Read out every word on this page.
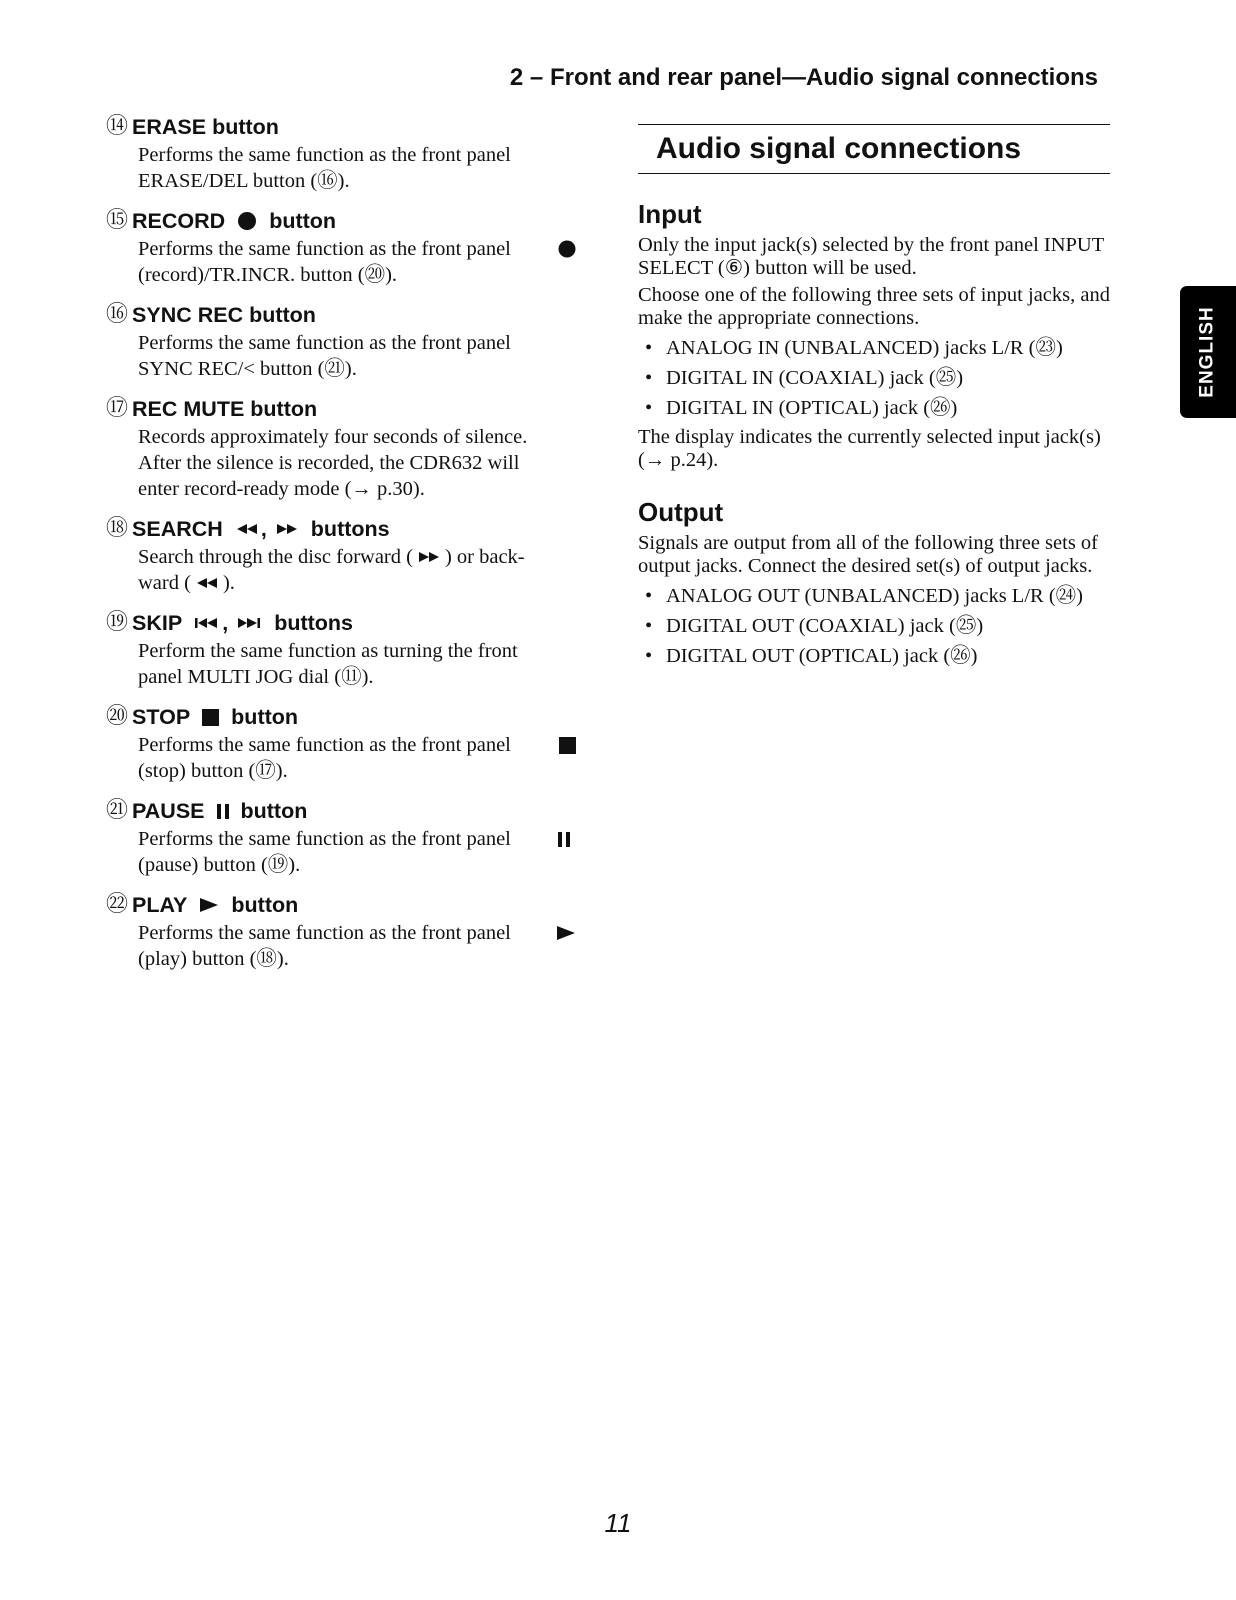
2 – Front and rear panel—Audio signal connections
⑭ ERASE button
Performs the same function as the front panel
ERASE/DEL button (⑯).
⑮ RECORD button
Performs the same function as the front panel
(record)/TR.INCR. button (⑳).
⑯ SYNC REC button
Performs the same function as the front panel
SYNC REC/< button (㉑).
⑰ REC MUTE button
Records approximately four seconds of silence.
After the silence is recorded, the CDR632 will
enter record-ready mode (→ p.30).
⑱ SEARCH , buttons
Search through the disc forward ( ) or back-
ward ( ).
⑲ SKIP , buttons
Perform the same function as turning the front
panel MULTI JOG dial (⑪).
⑳ STOP button
Performs the same function as the front panel
(stop) button (⑰).
㉑ PAUSE button
Performs the same function as the front panel
(pause) button (⑲).
㉒ PLAY button
Performs the same function as the front panel
(play) button (⑱).
Audio signal connections
Input

Only the input jack(s) selected by the front panel INPUT SELECT (⑥) button will be used.

Choose one of the following three sets of input jacks, and make the appropriate connections.

• ANALOG IN (UNBALANCED) jacks L/R (㉓)
• DIGITAL IN (COAXIAL) jack (㉕)
• DIGITAL IN (OPTICAL) jack (㉖)

The display indicates the currently selected input jack(s) (→ p.24).

Output

Signals are output from all of the following three sets of output jacks. Connect the desired set(s) of output jacks.

• ANALOG OUT (UNBALANCED) jacks L/R (㉔)
• DIGITAL OUT (COAXIAL) jack (㉕)
• DIGITAL OUT (OPTICAL) jack (㉖)
ENGLISH
11
